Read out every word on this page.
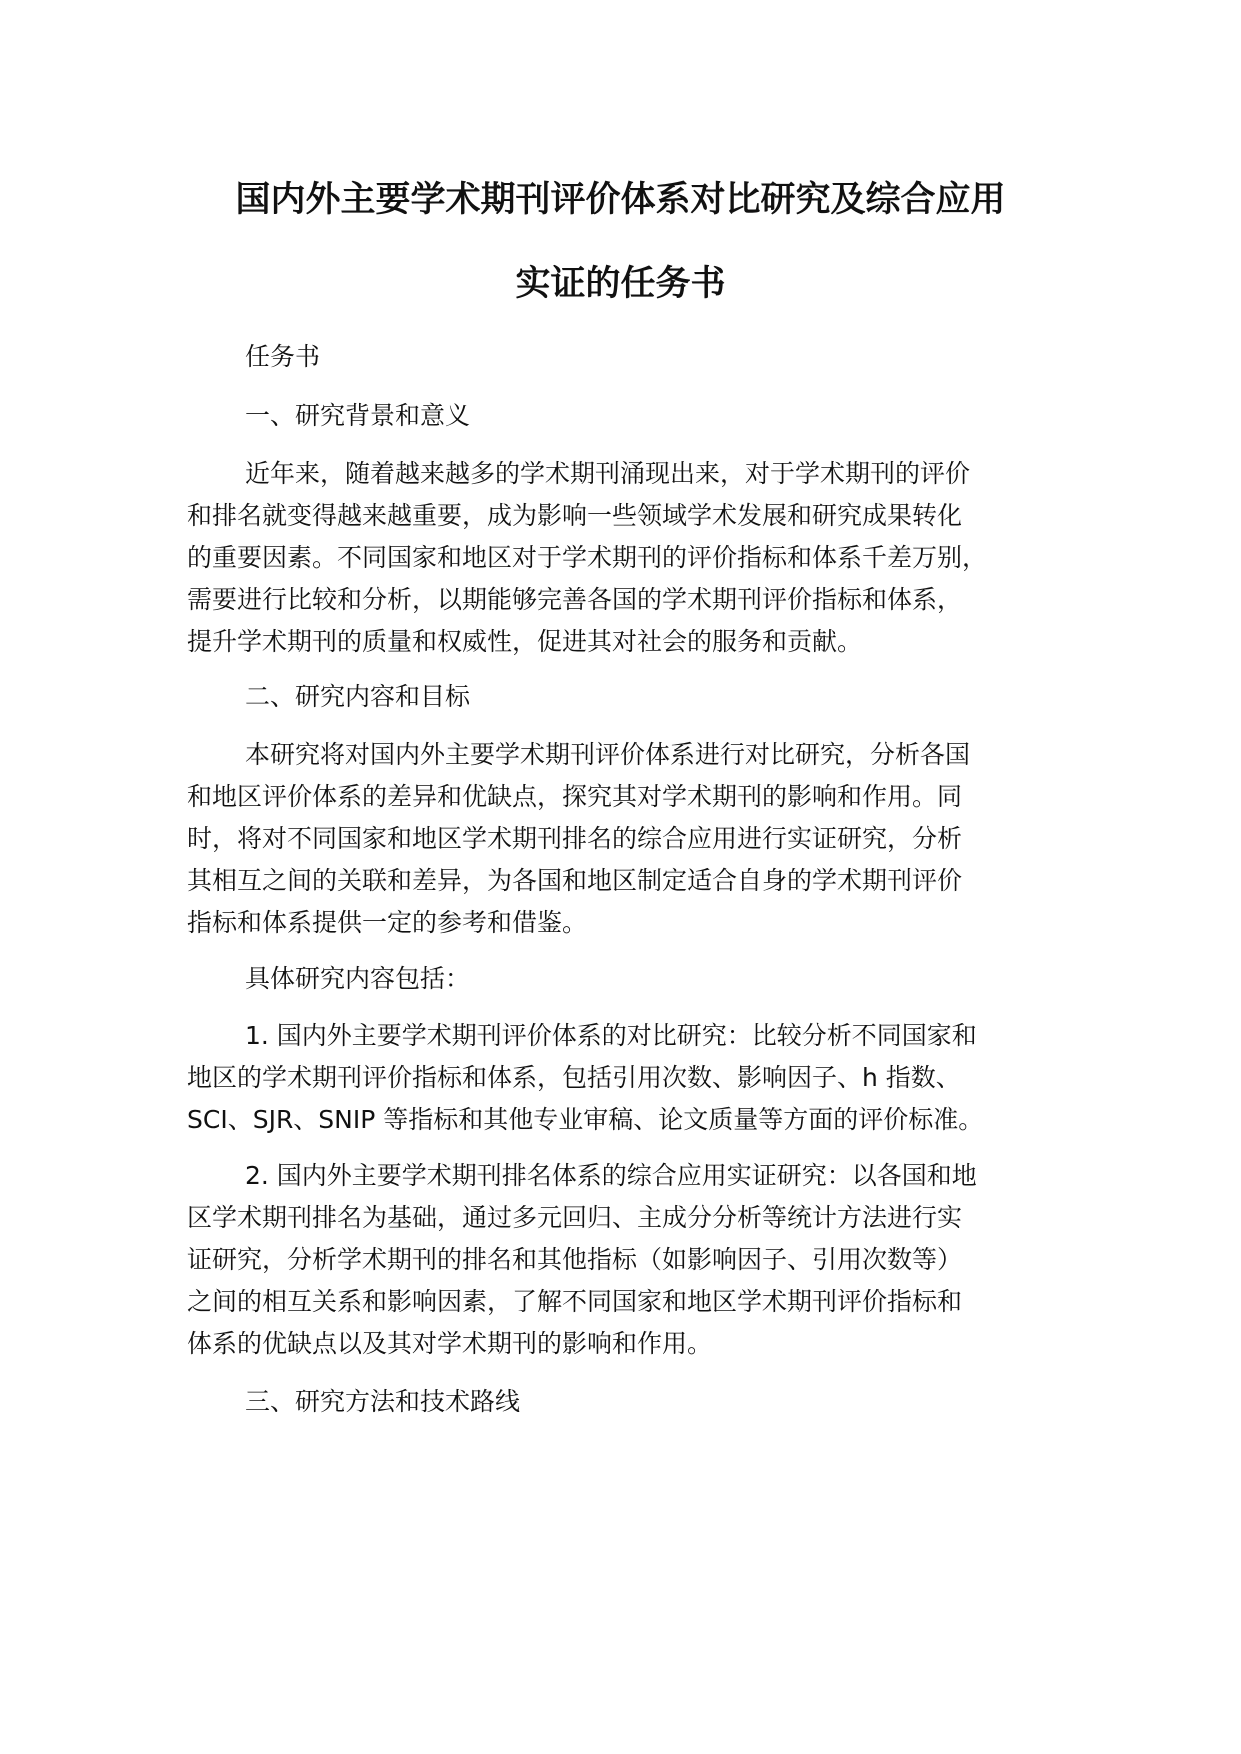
国内外主要学术期刊评价体系对比研究及综合应用
实证的任务书
任务书
一、研究背景和意义
近年来，随着越来越多的学术期刊涌现出来，对于学术期刊的评价
和排名就变得越来越重要，成为影响一些领域学术发展和研究成果转化
的重要因素。不同国家和地区对于学术期刊的评价指标和体系千差万别，
需要进行比较和分析，以期能够完善各国的学术期刊评价指标和体系，
提升学术期刊的质量和权威性，促进其对社会的服务和贡献。
二、研究内容和目标
本研究将对国内外主要学术期刊评价体系进行对比研究，分析各国
和地区评价体系的差异和优缺点，探究其对学术期刊的影响和作用。同
时，将对不同国家和地区学术期刊排名的综合应用进行实证研究，分析
其相互之间的关联和差异，为各国和地区制定适合自身的学术期刊评价
指标和体系提供一定的参考和借鉴。
具体研究内容包括：
1. 国内外主要学术期刊评价体系的对比研究：比较分析不同国家和
地区的学术期刊评价指标和体系，包括引用次数、影响因子、h 指数、
SCI、SJR、SNIP 等指标和其他专业审稿、论文质量等方面的评价标准。
2. 国内外主要学术期刊排名体系的综合应用实证研究：以各国和地
区学术期刊排名为基础，通过多元回归、主成分分析等统计方法进行实
证研究，分析学术期刊的排名和其他指标（如影响因子、引用次数等）
之间的相互关系和影响因素，了解不同国家和地区学术期刊评价指标和
体系的优缺点以及其对学术期刊的影响和作用。
三、研究方法和技术路线
